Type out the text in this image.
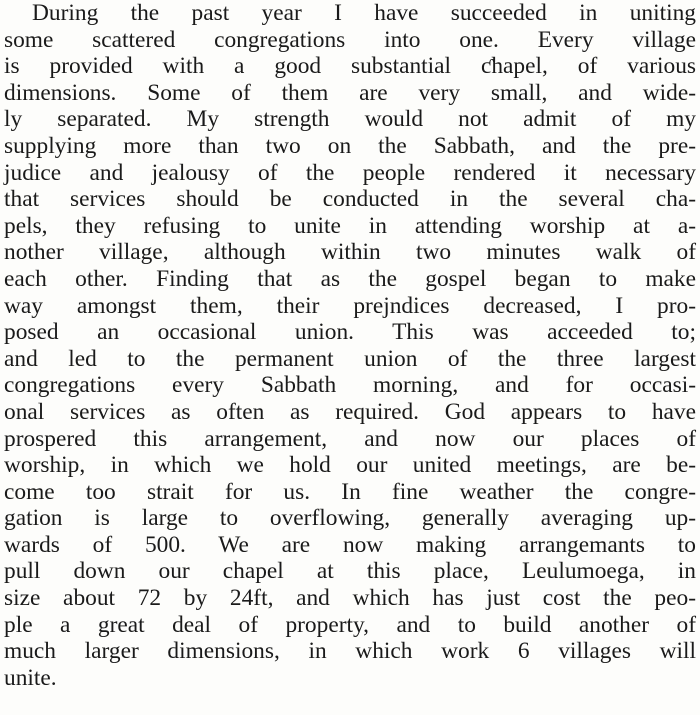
During the past year I have succeeded in uniting
some scattered congregations into one. Every village
is provided with a good substantial ƈhapel, of various
dimensions. Some of them are very small, and wide-
ly separated. My strength would not admit of my
supplying more than two on the Sabbath, and the pre-
judice and jealousy of the people rendered it necessary
that services should be conducted in the several cha-
pels, they refusing to unite in attending worship at a-
nother village, although within two minutes walk of
each other. Finding that as the gospel began to make
way amongst them, their prejndices decreased, I pro-
posed an occasional union. This was acceeded to;
and led to the permanent union of the three largest
congregations every Sabbath morning, and for occasi-
onal services as often as required. God appears to have
prospered this arrangement, and now our places of
worship, in which we hold our united meetings, are be-
come too strait for us. In fine weather the congre-
gation is large to overflowing, generally averaging up-
wards of 500. We are now making arrangemants to
pull down our chapel at this place, Leulumoega, in
size about 72 by 24ft, and which has just cost the peo-
ple a great deal of property, and to build another of
much larger dimensions, in which work 6 villages will
unite.
